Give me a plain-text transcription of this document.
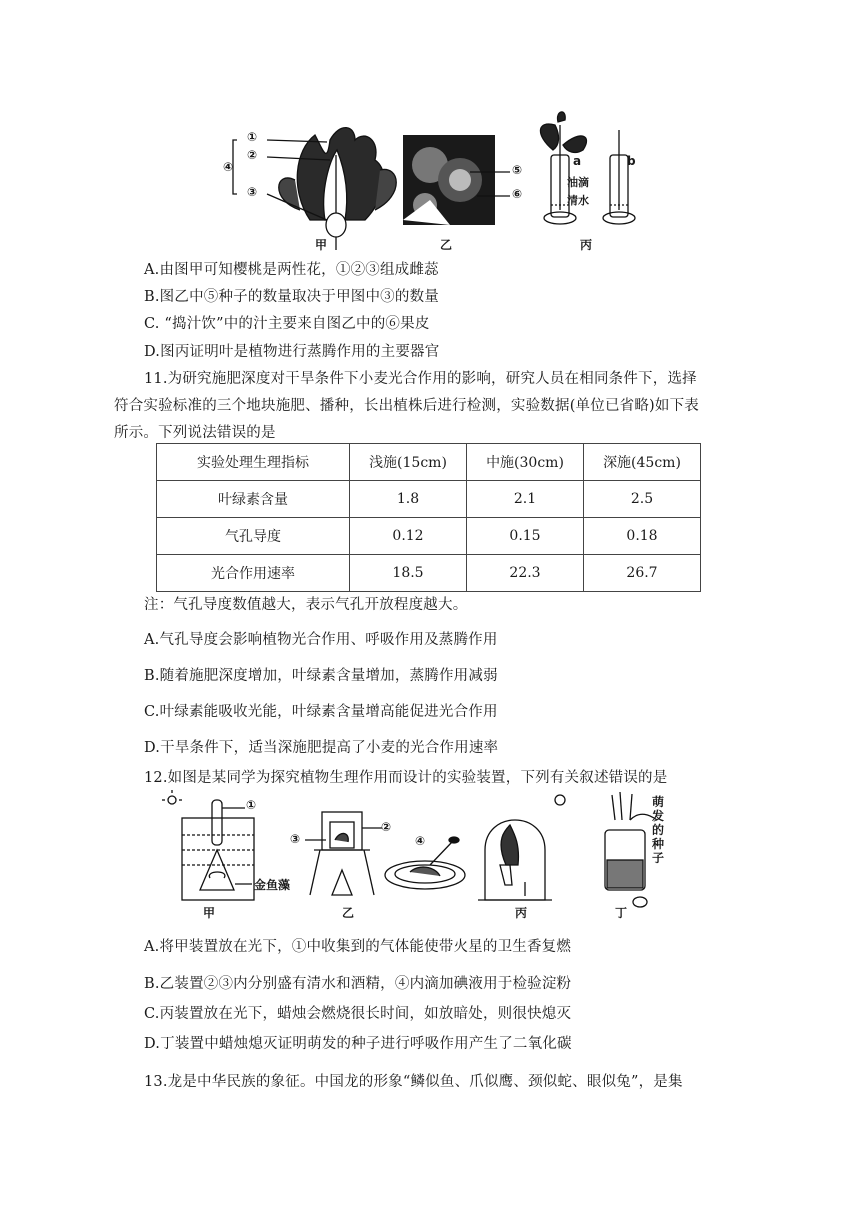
①
②
④
③
⑤
⑥
a	b
油滴
清水
甲	乙	丙
A.由图甲可知樱桃是两性花，①②③组成雌蕊
B.图乙中⑤种子的数量取决于甲图中③的数量
C. “捣汁饮”中的汁主要来自图乙中的⑥果皮
D.图丙证明叶是植物进行蒸腾作用的主要器官
11.为研究施肥深度对干旱条件下小麦光合作用的影响，研究人员在相同条件下，选择
符合实验标准的三个地块施肥、播种，长出植株后进行检测，实验数据(单位已省略)如下表
所示。下列说法错误的是
实验处理生理指标	浅施(15cm)	中施(30cm)	深施(45cm)
叶绿素含量	1.8	2.1	2.5
气孔导度	0.12	0.15	0.18
光合作用速率	18.5	22.3	26.7
注：气孔导度数值越大，表示气孔开放程度越大。
A.气孔导度会影响植物光合作用、呼吸作用及蒸腾作用
B.随着施肥深度增加，叶绿素含量增加，蒸腾作用减弱
C.叶绿素能吸收光能，叶绿素含量增高能促进光合作用
D.干旱条件下，适当深施肥提高了小麦的光合作用速率
12.如图是某同学为探究植物生理作用而设计的实验装置，下列有关叙述错误的是
①
②
③	④
金鱼藻
萌
发
的
种
子
甲	乙	丙	丁
A.将甲装置放在光下，①中收集到的气体能使带火星的卫生香复燃
B.乙装置②③内分别盛有清水和酒精，④内滴加碘液用于检验淀粉
C.丙装置放在光下，蜡烛会燃烧很长时间，如放暗处，则很快熄灭
D.丁装置中蜡烛熄灭证明萌发的种子进行呼吸作用产生了二氧化碳
13.龙是中华民族的象征。中国龙的形象“鳞似鱼、爪似鹰、颈似蛇、眼似兔”，是集
